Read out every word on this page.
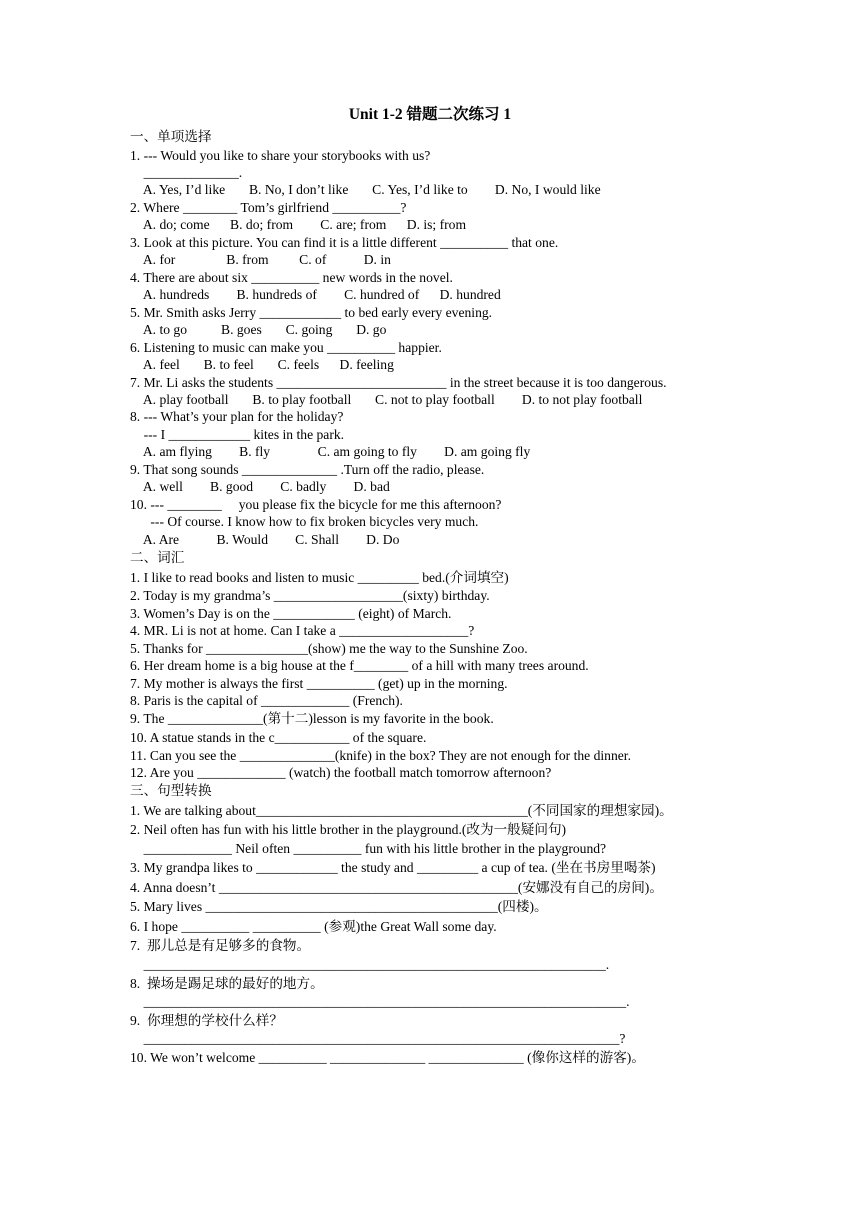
Unit 1-2 错题二次练习 1
一、单项选择
1. --- Would you like to share your storybooks with us?
______________.
A. Yes, I’d like       B. No, I don’t like       C. Yes, I’d like to        D. No, I would like
2. Where ________ Tom’s girlfriend __________?
A. do; come      B. do; from        C. are; from      D. is; from
3. Look at this picture. You can find it is a little different __________ that one.
A. for               B. from         C. of           D. in
4. There are about six __________ new words in the novel.
A. hundreds        B. hundreds of        C. hundred of      D. hundred
5. Mr. Smith asks Jerry ____________ to bed early every evening.
A. to go          B. goes       C. going       D. go
6. Listening to music can make you __________ happier.
A. feel       B. to feel       C. feels      D. feeling
7. Mr. Li asks the students _________________________ in the street because it is too dangerous.
A. play football       B. to play football       C. not to play football        D. to not play football
8. --- What’s your plan for the holiday?
--- I ____________ kites in the park.
A. am flying        B. fly              C. am going to fly        D. am going fly
9. That song sounds ______________ .Turn off the radio, please.
A. well        B. good        C. badly        D. bad
10. --- ________     you please fix the bicycle for me this afternoon?
--- Of course. I know how to fix broken bicycles very much.
A. Are           B. Would        C. Shall        D. Do
二、词汇
1. I like to read books and listen to music _________ bed.(介词填空)
2. Today is my grandma’s ___________________(sixty) birthday.
3. Women’s Day is on the ____________ (eight) of March.
4. MR. Li is not at home. Can I take a ___________________?
5. Thanks for _______________(show) me the way to the Sunshine Zoo.
6. Her dream home is a big house at the f________ of a hill with many trees around.
7. My mother is always the first __________ (get) up in the morning.
8. Paris is the capital of _____________ (French).
9. The ______________(第十二)lesson is my favorite in the book.
10. A statue stands in the c___________ of the square.
11. Can you see the ______________(knife) in the box? They are not enough for the dinner.
12. Are you _____________ (watch) the football match tomorrow afternoon?
三、句型转换
1. We are talking about________________________________________(不同国家的理想家园)。
2. Neil often has fun with his little brother in the playground.(改为一般疑问句)
_____________ Neil often __________ fun with his little brother in the playground?
3. My grandpa likes to ____________ the study and _________ a cup of tea. (坐在书房里喝茶)
4. Anna doesn’t ____________________________________________(安娜没有自己的房间)。
5. Mary lives ___________________________________________(四楼)。
6. I hope __________ __________ (参观)the Great Wall some day.
7.  那儿总是有足够多的食物。
____________________________________________________________________.
8.  操场是踢足球的最好的地方。
_______________________________________________________________________.
9.  你理想的学校什么样？
______________________________________________________________________?
10. We won’t welcome __________ ______________ ______________ (像你这样的游客)。
